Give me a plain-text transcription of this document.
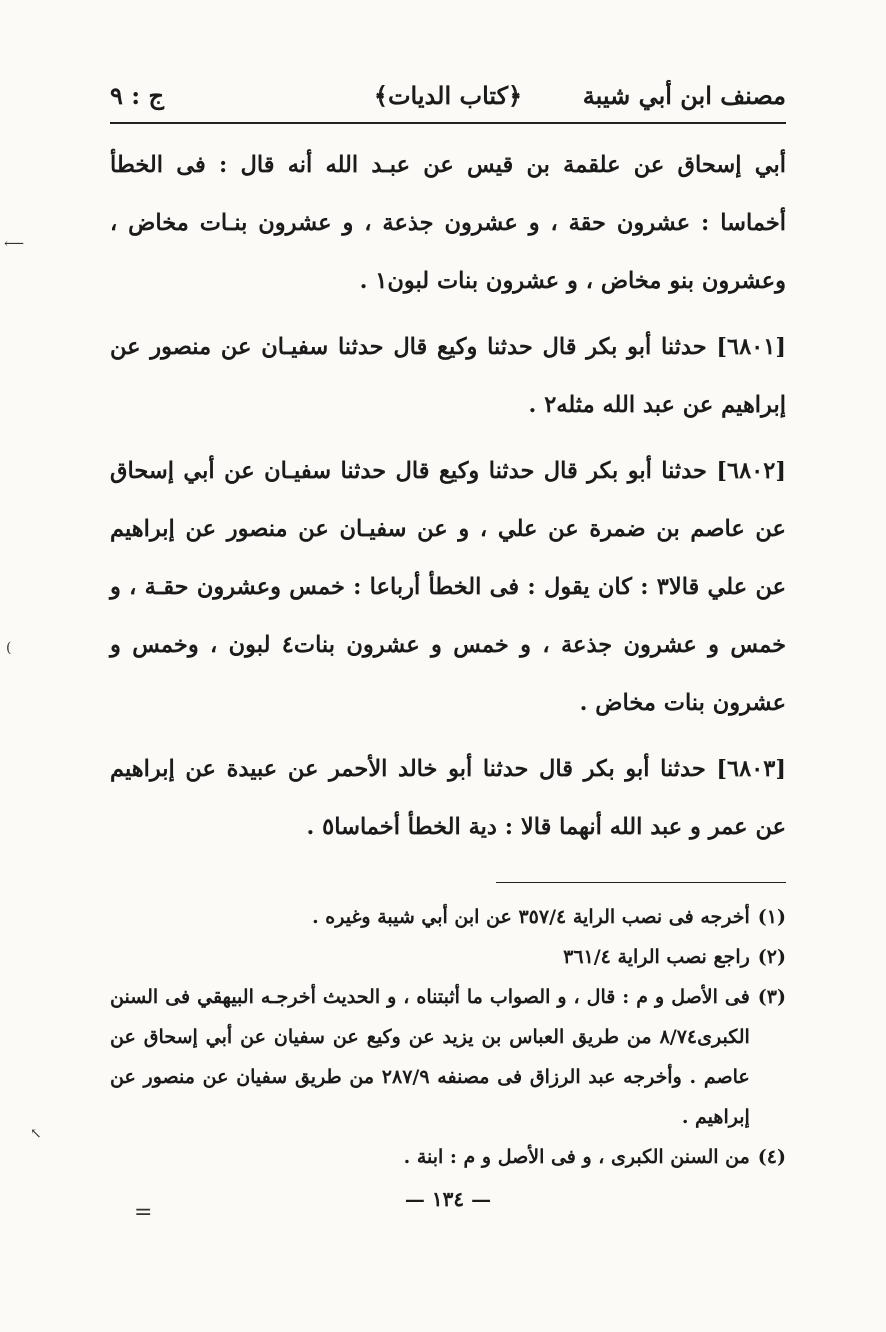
⟵
(
↖
=
مصنف ابن أبي شيبة
﴿كتاب الديات﴾
ج : ٩

أبي إسحاق عن علقمة بن قيس عن عبـد الله أنه قال : فى الخطأ أخماسا : عشرون حقة ، و عشرون جذعة ، و عشرون بنـات مخاض ، وعشرون بنو مخاض ، و عشرون بنات لبون١ .

[٦٨٠١] حدثنا أبو بكر قال حدثنا وكيع قال حدثنا سفيـان عن منصور عن إبراهيم عن عبد الله مثله٢ .

[٦٨٠٢] حدثنا أبو بكر قال حدثنا وكيع قال حدثنا سفيـان عن أبي إسحاق عن عاصم بن ضمرة عن علي ، و عن سفيـان عن منصور عن إبراهيم عن علي قالا٣ : كان يقول : فى الخطأ أرباعا : خمس وعشرون حقـة ، و خمس و عشرون جذعة ، و خمس و عشرون بنات٤ لبون ، وخمس و عشرون بنات مخاض .

[٦٨٠٣] حدثنا أبو بكر قال حدثنا أبو خالد الأحمر عن عبيدة عن إبراهيم عن عمر و عبد الله أنهما قالا : دية الخطأ أخماسا٥ .

(١)
أخرجه فى نصب الراية ٣٥٧/٤ عن ابن أبي شيبة وغيره .
(٢)
راجع نصب الراية ٣٦١/٤
(٣)
فى الأصل و م : قال ، و الصواب ما أثبتناه ، و الحديث أخرجـه البيهقي فى السنن الكبرى٨/٧٤ من طريق العباس بن يزيد عن وكيع عن سفيان عن أبي إسحاق عن عاصم . وأخرجه عبد الرزاق فى مصنفه ٢٨٧/٩ من طريق سفيان عن منصور عن إبراهيم .
(٤)
من السنن الكبرى ، و فى الأصل و م : ابنة .
— ١٣٤ —
